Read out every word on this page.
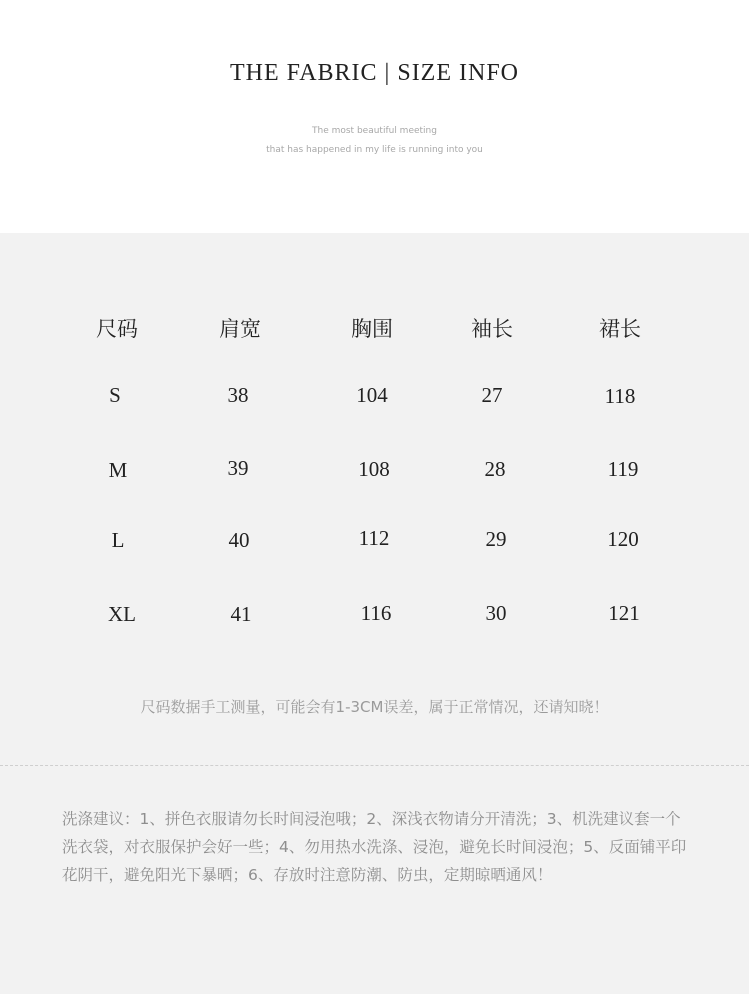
THE FABRIC | SIZE INFO
The most beautiful meeting
that has happened in my life is running into you
尺码	肩宽	胸围	袖长	裙长
S	38	104	27	118
M	39	108	28	119
L	40	112	29	120
XL	41	116	30	121
尺码数据手工测量，可能会有1-3CM误差，属于正常情况，还请知晓！
洗涤建议：1、拼色衣服请勿长时间浸泡哦；2、深浅衣物请分开清洗；3、机洗建议套一个洗衣袋，对衣服保护会好一些；4、勿用热水洗涤、浸泡，避免长时间浸泡；5、反面铺平印花阴干，避免阳光下暴晒；6、存放时注意防潮、防虫，定期晾晒通风！
